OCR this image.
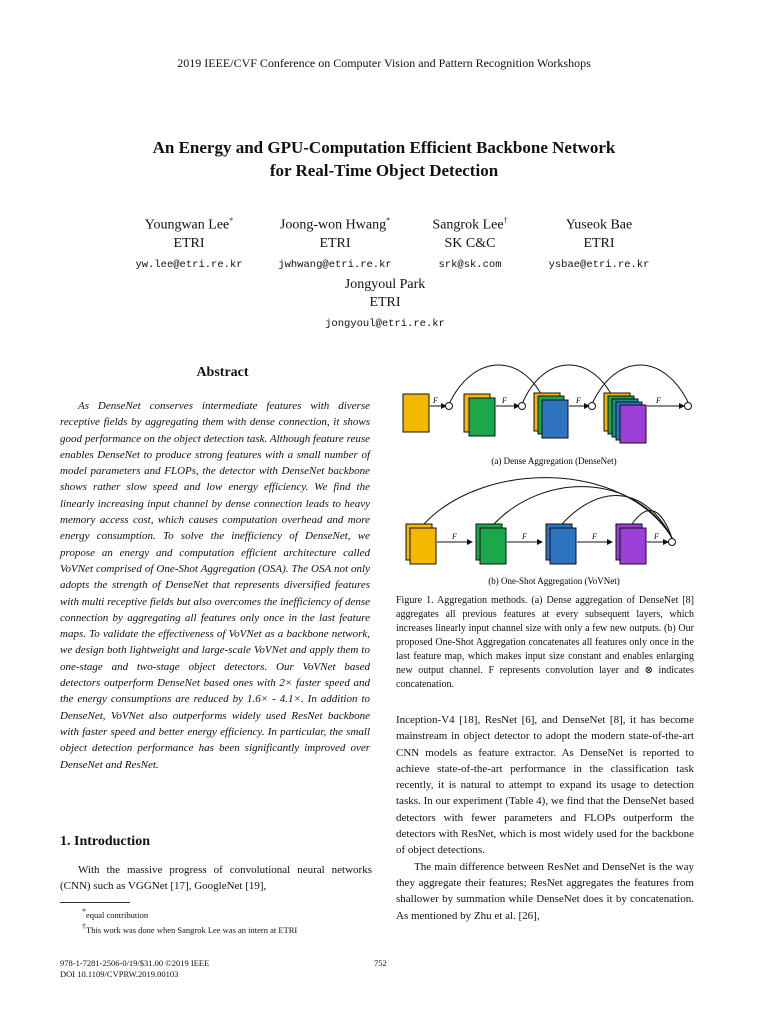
2019 IEEE/CVF Conference on Computer Vision and Pattern Recognition Workshops
An Energy and GPU-Computation Efficient Backbone Network
for Real-Time Object Detection
Youngwan Lee*
ETRI
yw.lee@etri.re.kr
Joong-won Hwang*
ETRI
jwhwang@etri.re.kr
Sangrok Lee†
SK C&C
srk@sk.com
Yuseok Bae
ETRI
ysbae@etri.re.kr
Jongyoul Park
ETRI
jongyoul@etri.re.kr
Abstract

As DenseNet conserves intermediate features with diverse receptive fields by aggregating them with dense connection, it shows good performance on the object detection task. Although feature reuse enables DenseNet to produce strong features with a small number of model parameters and FLOPs, the detector with DenseNet backbone shows rather slow speed and low energy efficiency. We find the linearly increasing input channel by dense connection leads to heavy memory access cost, which causes computation overhead and more energy consumption. To solve the inefficiency of DenseNet, we propose an energy and computation efficient architecture called VoVNet comprised of One-Shot Aggregation (OSA). The OSA not only adopts the strength of DenseNet that represents diversified features with multi receptive fields but also overcomes the inefficiency of dense connection by aggregating all features only once in the last feature maps. To validate the effectiveness of VoVNet as a backbone network, we design both lightweight and large-scale VoVNet and apply them to one-stage and two-stage object detectors. Our VoVNet based detectors outperform DenseNet based ones with 2× faster speed and the energy consumptions are reduced by 1.6× - 4.1×. In addition to DenseNet, VoVNet also outperforms widely used ResNet backbone with faster speed and better energy efficiency. In particular, the small object detection performance has been significantly improved over DenseNet and ResNet.

1. Introduction

With the massive progress of convolutional neural networks (CNN) such as VGGNet [17], GoogleNet [19],

*equal contribution
†This work was done when Sangrok Lee was an intern at ETRI
978-1-7281-2506-0/19/$31.00 ©2019 IEEE
DOI 10.1109/CVPRW.2019.00103
752
F	F	F	F
(a) Dense Aggregation (DenseNet)
F	F	F	F
(b) One-Shot Aggregation (VoVNet)
Figure 1. Aggregation methods. (a) Dense aggregation of DenseNet [8] aggregates all previous features at every subsequent layers, which increases linearly input channel size with only a few new outputs. (b) Our proposed One-Shot Aggregation concatenates all features only once in the last feature map, which makes input size constant and enables enlarging new output channel. F represents convolution layer and ⊗ indicates concatenation.

Inception-V4 [18], ResNet [6], and DenseNet [8], it has become mainstream in object detector to adopt the modern state-of-the-art CNN models as feature extractor. As DenseNet is reported to achieve state-of-the-art performance in the classification task recently, it is natural to attempt to expand its usage to detection tasks. In our experiment (Table 4), we find that the DenseNet based detectors with fewer parameters and FLOPs outperform the detectors with ResNet, which is most widely used for the backbone of object detections.

The main difference between ResNet and DenseNet is the way they aggregate their features; ResNet aggregates the features from shallower by summation while DenseNet does it by concatenation. As mentioned by Zhu et al. [26],
